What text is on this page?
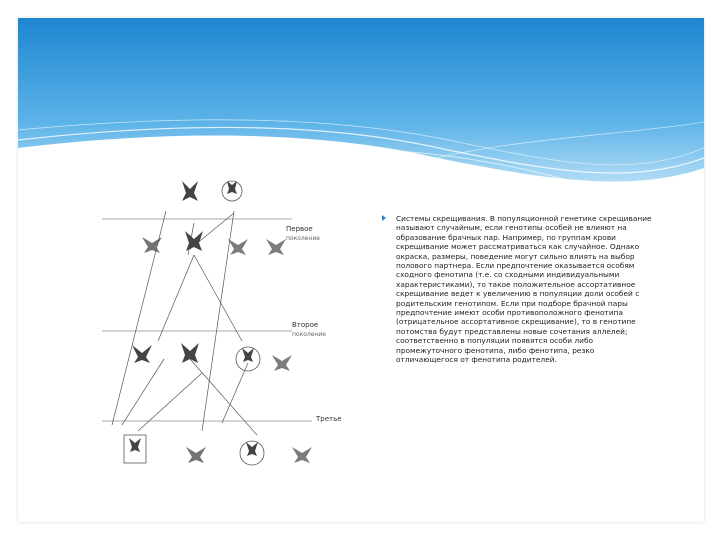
Первое
поколение
Второе
поколение
Третье

Системы скрещивания. В популяционной генетике скрещивание называют случайным, если генотипы особей не влияют на образование брачных пар. Например, по группам крови скрещивание может рассматриваться как случайное. Однако окраска, размеры, поведение могут сильно влиять на выбор полового партнера. Если предпочтение оказывается особям сходного фенотипа (т.е. со сходными индивидуальными характеристиками), то такое положительное ассортативное скрещивание ведет к увеличению в популяции доли особей с родительским генотипом. Если при подборе брачной пары предпочтение имеют особи противоположного фенотипа (отрицательное ассортативное скрещивание), то в генотипе потомства будут представлены новые сочетания аллелей; соответственно в популяции появятся особи либо промежуточного фенотипа, либо фенотипа, резко отличающегося от фенотипа родителей.
